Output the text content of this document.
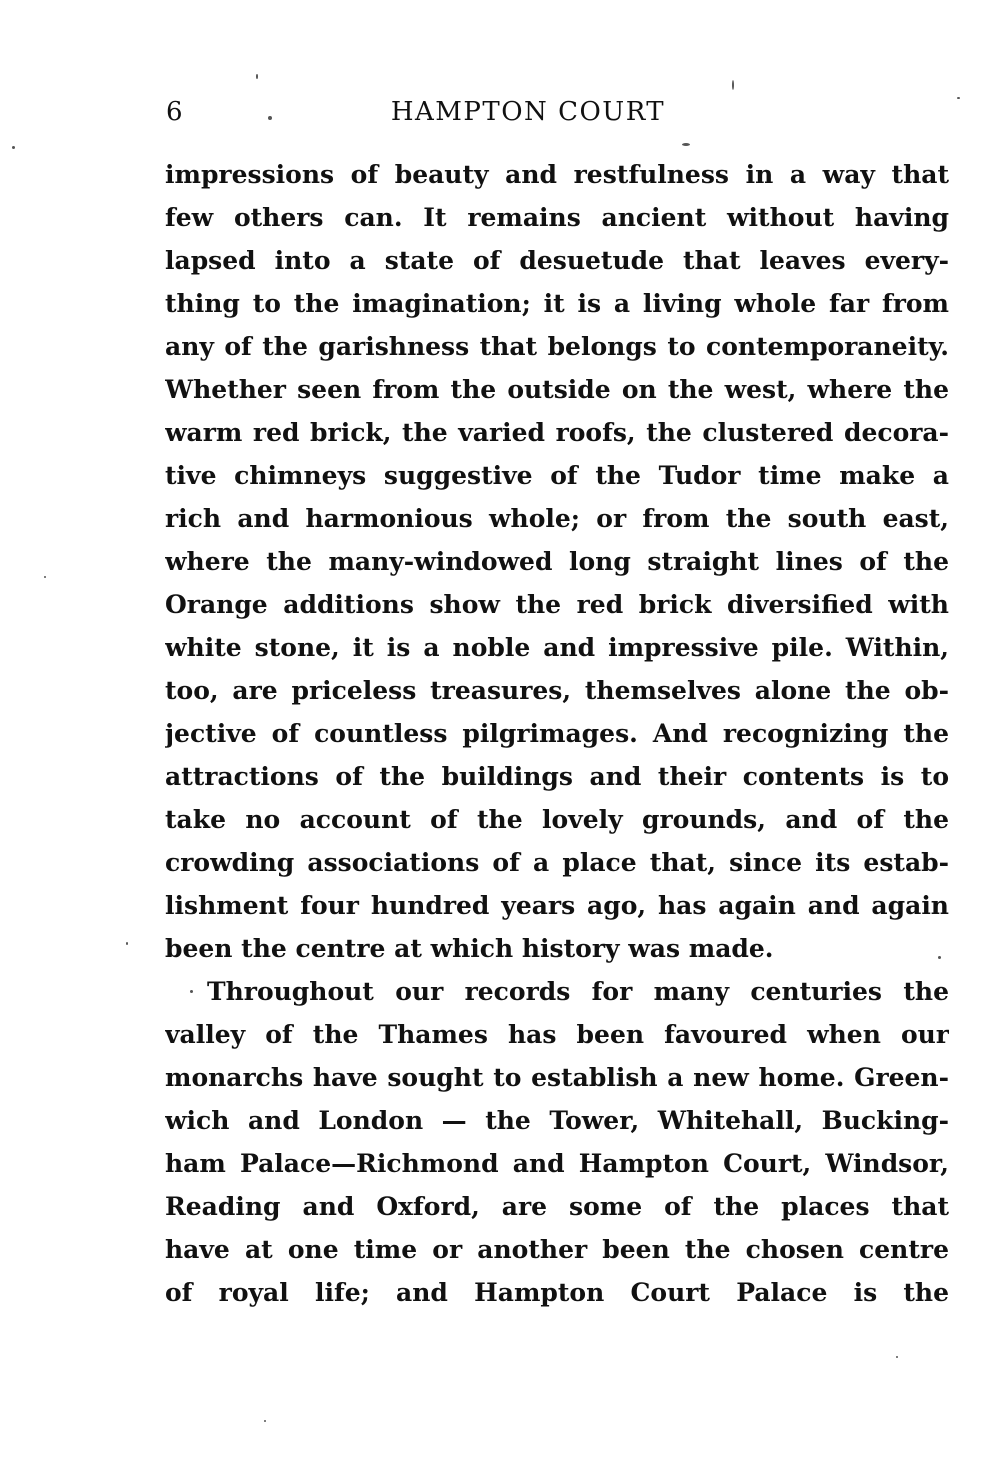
6	HAMPTON COURT
impressions of beauty and restfulness in a way that
few others can. It remains ancient without having
lapsed into a state of desuetude that leaves every-
thing to the imagination; it is a living whole far from
any of the garishness that belongs to contemporaneity.
Whether seen from the outside on the west, where the
warm red brick, the varied roofs, the clustered decora-
tive chimneys suggestive of the Tudor time make a
rich and harmonious whole; or from the south east,
where the many-windowed long straight lines of the
Orange additions show the red brick diversified with
white stone, it is a noble and impressive pile. Within,
too, are priceless treasures, themselves alone the ob-
jective of countless pilgrimages. And recognizing the
attractions of the buildings and their contents is to
take no account of the lovely grounds, and of the
crowding associations of a place that, since its estab-
lishment four hundred years ago, has again and again
been the centre at which history was made.
Throughout our records for many centuries the
valley of the Thames has been favoured when our
monarchs have sought to establish a new home. Green-
wich and London — the Tower, Whitehall, Bucking-
ham Palace—Richmond and Hampton Court, Windsor,
Reading and Oxford, are some of the places that
have at one time or another been the chosen centre
of royal life; and Hampton Court Palace is the
